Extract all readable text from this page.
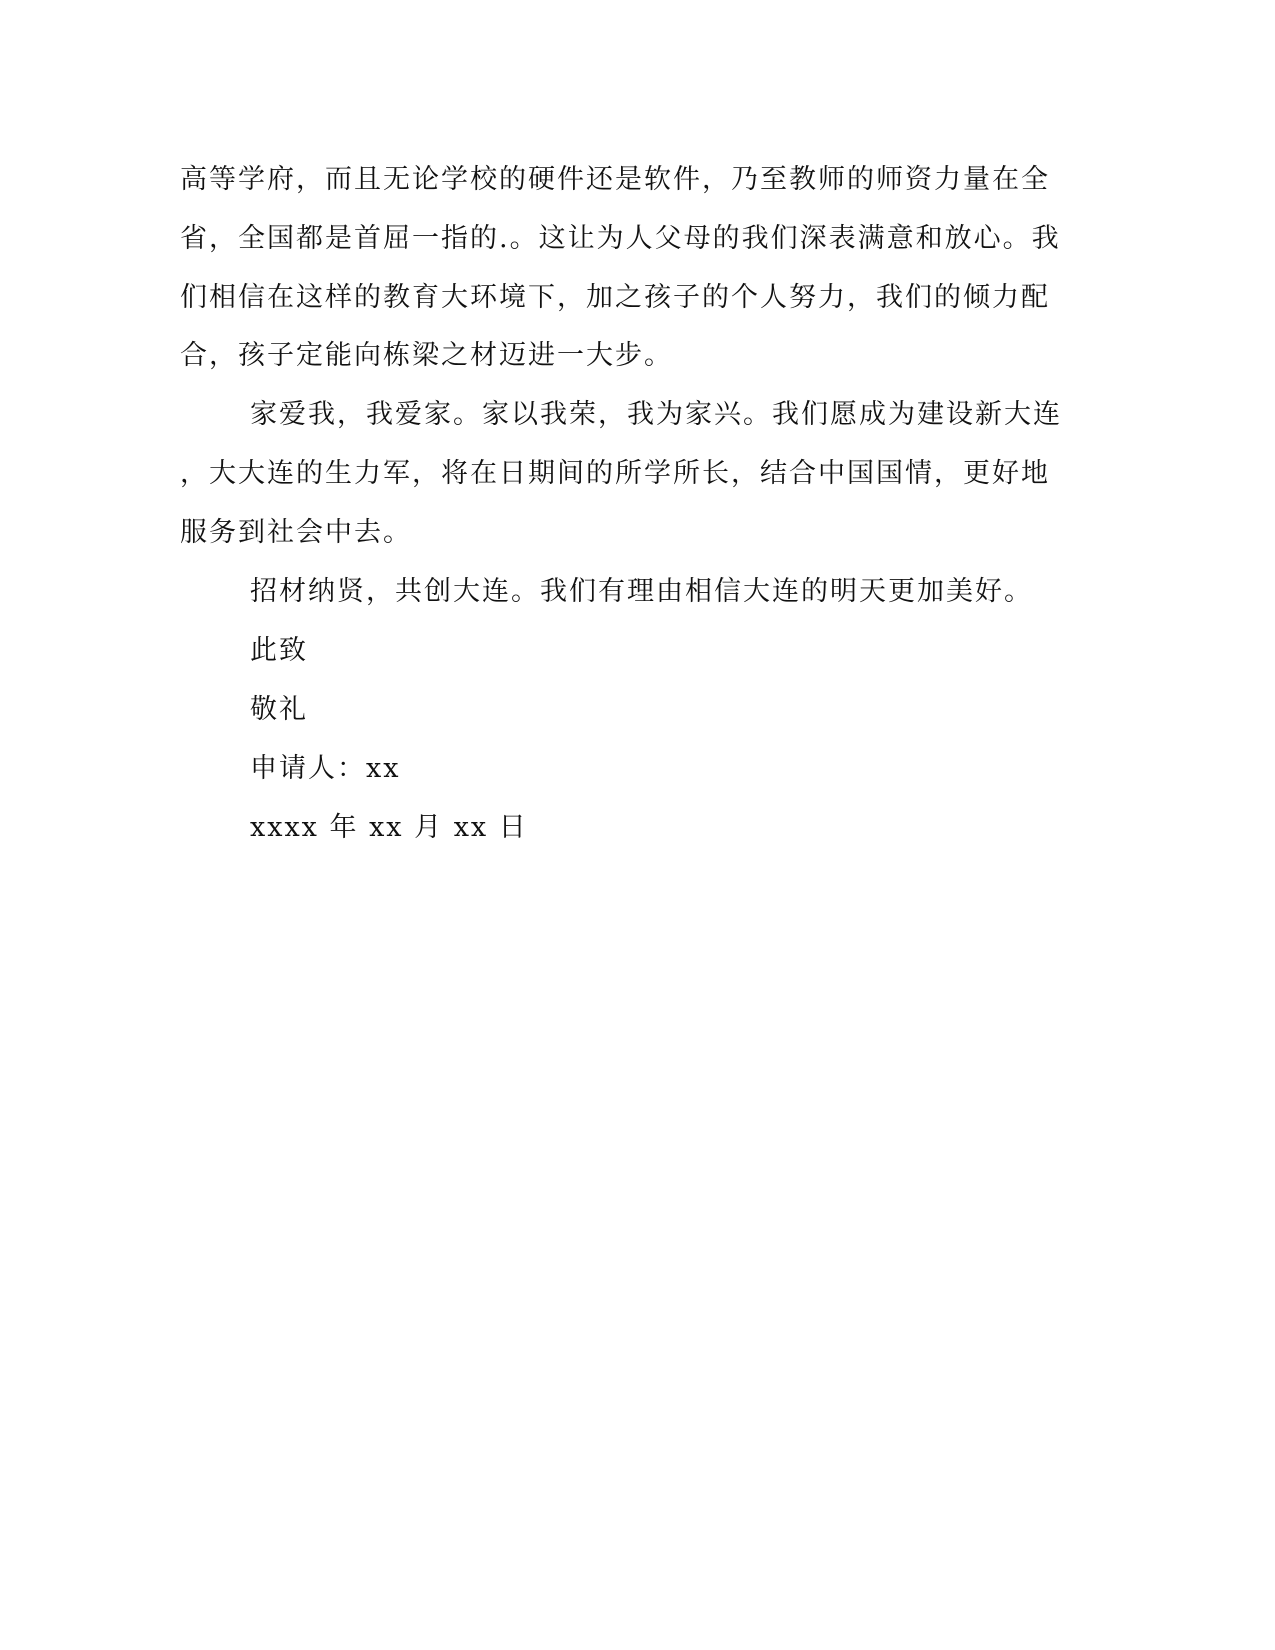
高等学府，而且无论学校的硬件还是软件，乃至教师的师资力量在全
省，全国都是首屈一指的.。这让为人父母的我们深表满意和放心。我
们相信在这样的教育大环境下，加之孩子的个人努力，我们的倾力配
合，孩子定能向栋梁之材迈进一大步。
家爱我，我爱家。家以我荣，我为家兴。我们愿成为建设新大连
，大大连的生力军，将在日期间的所学所长，结合中国国情，更好地
服务到社会中去。
招材纳贤，共创大连。我们有理由相信大连的明天更加美好。
此致
敬礼
申请人：xx
xxxx 年 xx 月 xx 日
